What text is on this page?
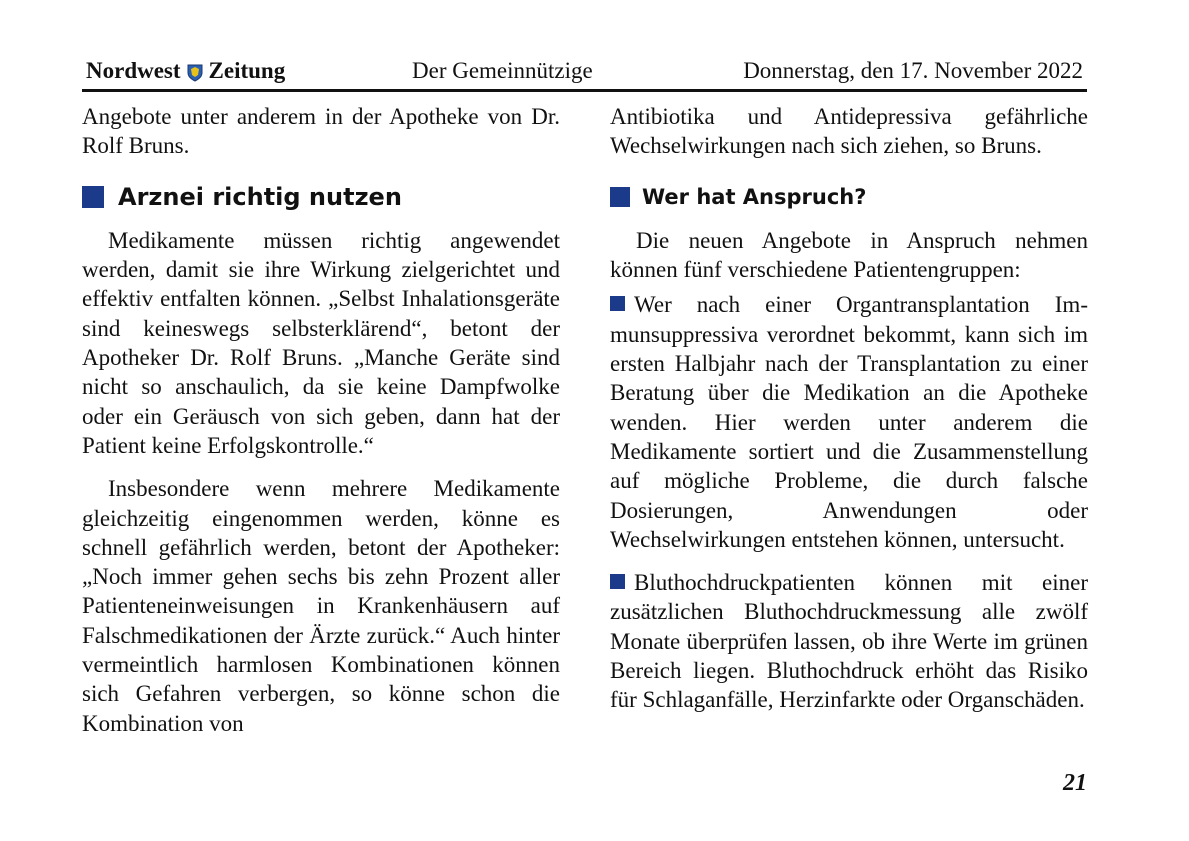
Nordwest Zeitung	Der Gemeinnützige	Donnerstag, den 17. November 2022

Angebote unter anderem in der Apotheke von Dr. Rolf Bruns.

Arznei richtig nutzen

Medikamente müssen richtig angewendet werden, damit sie ihre Wirkung zielgerichtet und effektiv entfalten können. „Selbst Inhalationsgeräte sind keineswegs selbsterklärend“, betont der Apotheker Dr. Rolf Bruns. „Manche Geräte sind nicht so anschaulich, da sie keine Dampfwolke oder ein Geräusch von sich geben, dann hat der Patient keine Erfolgskontrolle.“

Insbesondere wenn mehrere Medikamente gleichzeitig eingenommen werden, könne es schnell gefährlich werden, betont der Apotheker: „Noch immer gehen sechs bis zehn Prozent aller Patienteneinweisungen in Krankenhäusern auf Falschmedikationen der Ärzte zurück.“ Auch hinter vermeintlich harmlosen Kombinationen können sich Gefahren verbergen, so könne schon die Kombination von

Antibiotika und Antidepressiva gefährliche Wechselwirkungen nach sich ziehen, so Bruns.

Wer hat Anspruch?

Die neuen Angebote in Anspruch nehmen können fünf verschiedene Patientengruppen:

Wer nach einer Organtransplantation Immunsuppressiva verordnet bekommt, kann sich im ersten Halbjahr nach der Transplantation zu einer Beratung über die Medikation an die Apotheke wenden. Hier werden unter anderem die Medikamente sortiert und die Zusammenstellung auf mögliche Probleme, die durch falsche Dosierungen, Anwendungen oder Wechselwirkungen entstehen können, untersucht.

Bluthochdruckpatienten können mit einer zusätzlichen Bluthochdruckmessung alle zwölf Monate überprüfen lassen, ob ihre Werte im grünen Bereich liegen. Bluthochdruck erhöht das Risiko für Schlaganfälle, Herzinfarkte oder Organschäden.

21
